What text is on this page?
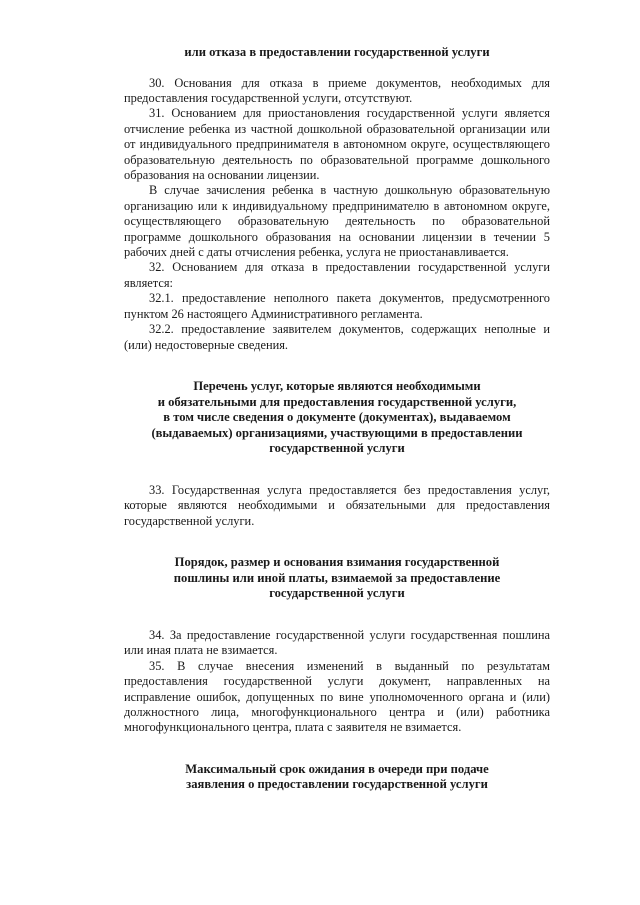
или отказа в предоставлении государственной услуги

30. Основания для отказа в приеме документов, необходимых для предоставления государственной услуги, отсутствуют.

31. Основанием для приостановления государственной услуги является отчисление ребенка из частной дошкольной образовательной организации или от индивидуального предпринимателя в автономном округе, осуществляющего образовательную деятельность по образовательной программе дошкольного образования на основании лицензии.

В случае зачисления ребенка в частную дошкольную образовательную организацию или к индивидуальному предпринимателю в автономном округе, осуществляющего образовательную деятельность по образовательной программе дошкольного образования на основании лицензии в течении 5 рабочих дней с даты отчисления ребенка, услуга не приостанавливается.

32. Основанием для отказа в предоставлении государственной услуги является:

32.1. предоставление неполного пакета документов, предусмотренного пунктом 26 настоящего Административного регламента.

32.2. предоставление заявителем документов, содержащих неполные и (или) недостоверные сведения.

Перечень услуг, которые являются необходимыми
и обязательными для предоставления государственной услуги,
в том числе сведения о документе (документах), выдаваемом
(выдаваемых) организациями, участвующими в предоставлении
государственной услуги

33. Государственная услуга предоставляется без предоставления услуг, которые являются необходимыми и обязательными для предоставления государственной услуги.

Порядок, размер и основания взимания государственной
пошлины или иной платы, взимаемой за предоставление
государственной услуги

34. За предоставление государственной услуги государственная пошлина или иная плата не взимается.

35. В случае внесения изменений в выданный по результатам предоставления государственной услуги документ, направленных на исправление ошибок, допущенных по вине уполномоченного органа и (или) должностного лица, многофункционального центра и (или) работника многофункционального центра, плата с заявителя не взимается.

Максимальный срок ожидания в очереди при подаче
заявления о предоставлении государственной услуги
